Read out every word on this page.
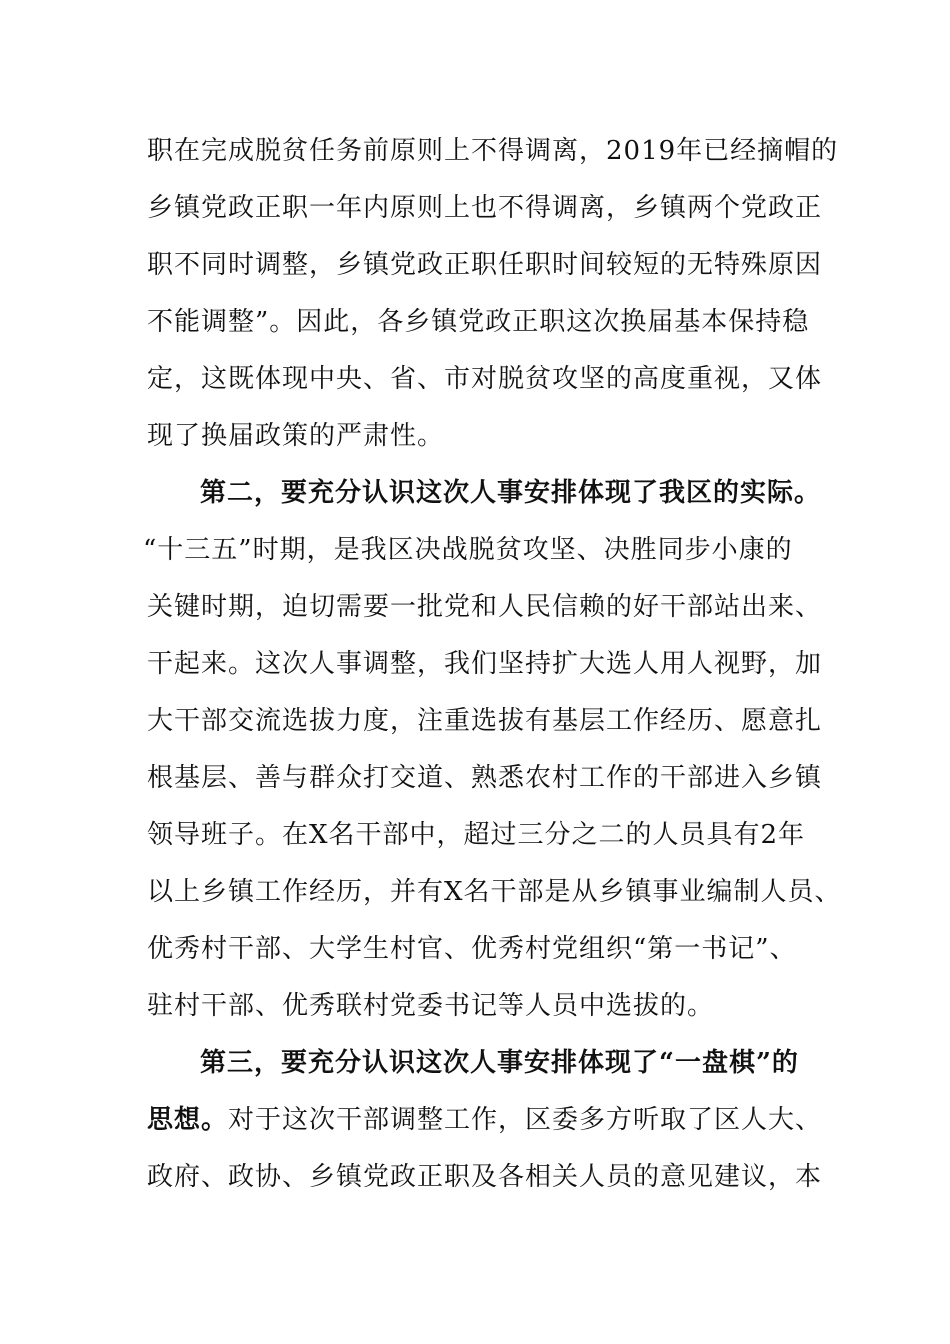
职在完成脱贫任务前原则上不得调离，2019年已经摘帽的
乡镇党政正职一年内原则上也不得调离，乡镇两个党政正
职不同时调整，乡镇党政正职任职时间较短的无特殊原因
不能调整”。因此，各乡镇党政正职这次换届基本保持稳
定，这既体现中央、省、市对脱贫攻坚的高度重视，又体
现了换届政策的严肃性。
第二，要充分认识这次人事安排体现了我区的实际。
“十三五”时期，是我区决战脱贫攻坚、决胜同步小康的
关键时期，迫切需要一批党和人民信赖的好干部站出来、
干起来。这次人事调整，我们坚持扩大选人用人视野，加
大干部交流选拔力度，注重选拔有基层工作经历、愿意扎
根基层、善与群众打交道、熟悉农村工作的干部进入乡镇
领导班子。在X名干部中，超过三分之二的人员具有2年
以上乡镇工作经历，并有X名干部是从乡镇事业编制人员、
优秀村干部、大学生村官、优秀村党组织“第一书记”、
驻村干部、优秀联村党委书记等人员中选拔的。
第三，要充分认识这次人事安排体现了“一盘棋”的
思想。对于这次干部调整工作，区委多方听取了区人大、
政府、政协、乡镇党政正职及各相关人员的意见建议，本
